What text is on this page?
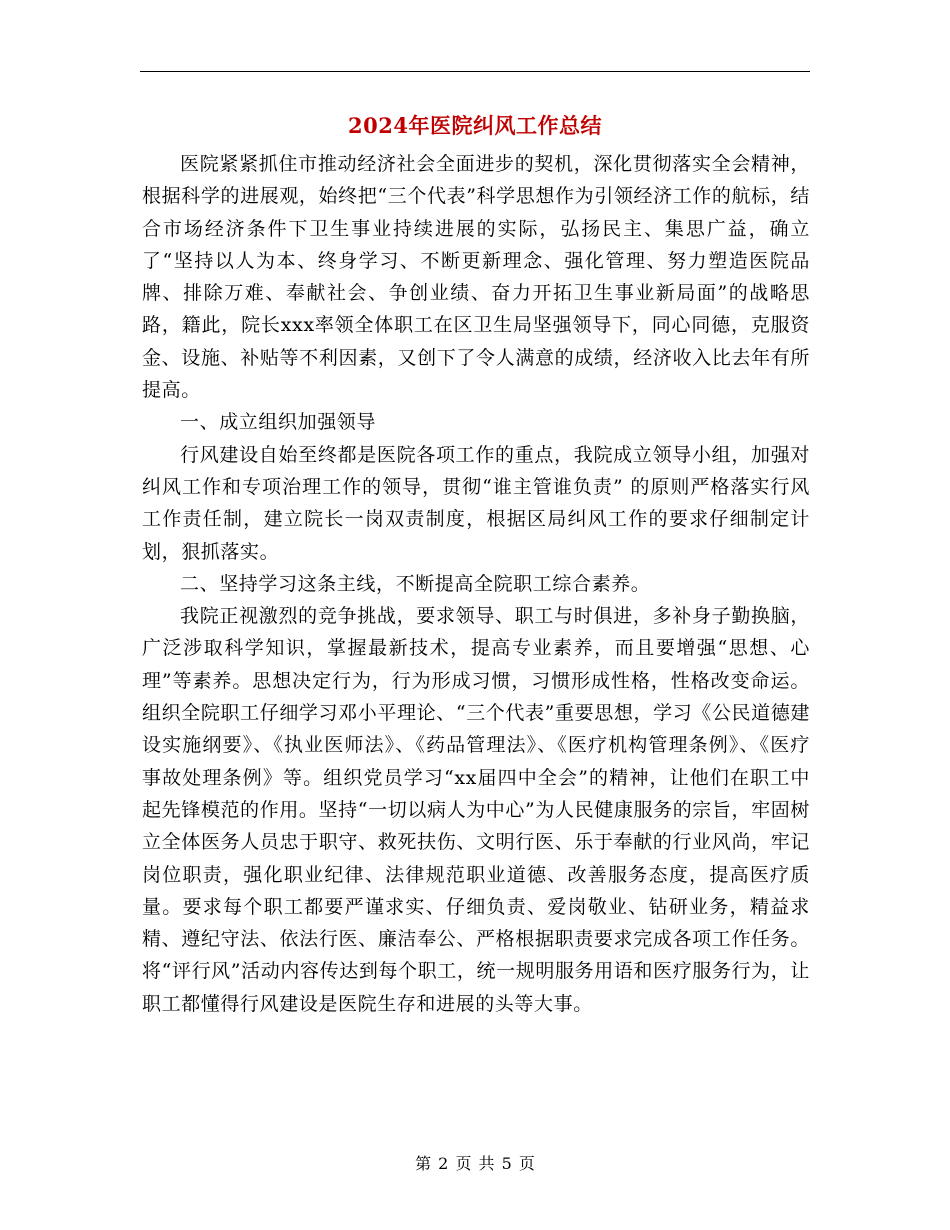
2024年医院纠风工作总结

医院紧紧抓住市推动经济社会全面进步的契机，深化贯彻落实全会精神，根据科学的进展观，始终把“三个代表”科学思想作为引领经济工作的航标，结合市场经济条件下卫生事业持续进展的实际，弘扬民主、集思广益，确立了“坚持以人为本、终身学习、不断更新理念、强化管理、努力塑造医院品牌、排除万难、奉献社会、争创业绩、奋力开拓卫生事业新局面”的战略思路，籍此，院长xxx率领全体职工在区卫生局坚强领导下，同心同德，克服资金、设施、补贴等不利因素，又创下了令人满意的成绩，经济收入比去年有所提高。

一、成立组织加强领导

行风建设自始至终都是医院各项工作的重点，我院成立领导小组，加强对纠风工作和专项治理工作的领导，贯彻“谁主管谁负责” 的原则严格落实行风工作责任制，建立院长一岗双责制度，根据区局纠风工作的要求仔细制定计划，狠抓落实。

二、坚持学习这条主线，不断提高全院职工综合素养。

我院正视激烈的竞争挑战，要求领导、职工与时俱进，多补身子勤换脑，广泛涉取科学知识，掌握最新技术，提高专业素养，而且要增强“思想、心理”等素养。思想决定行为，行为形成习惯，习惯形成性格，性格改变命运。组织全院职工仔细学习邓小平理论、“三个代表”重要思想，学习《公民道德建设实施纲要》、《执业医师法》、《药品管理法》、《医疗机构管理条例》、《医疗事故处理条例》等。组织党员学习“xx届四中全会”的精神，让他们在职工中起先锋模范的作用。坚持“一切以病人为中心”为人民健康服务的宗旨，牢固树立全体医务人员忠于职守、救死扶伤、文明行医、乐于奉献的行业风尚，牢记岗位职责，强化职业纪律、法律规范职业道德、改善服务态度，提高医疗质量。要求每个职工都要严谨求实、仔细负责、爱岗敬业、钻研业务，精益求精、遵纪守法、依法行医、廉洁奉公、严格根据职责要求完成各项工作任务。将“评行风”活动内容传达到每个职工，统一规明服务用语和医疗服务行为，让职工都懂得行风建设是医院生存和进展的头等大事。

第 2 页 共 5 页
